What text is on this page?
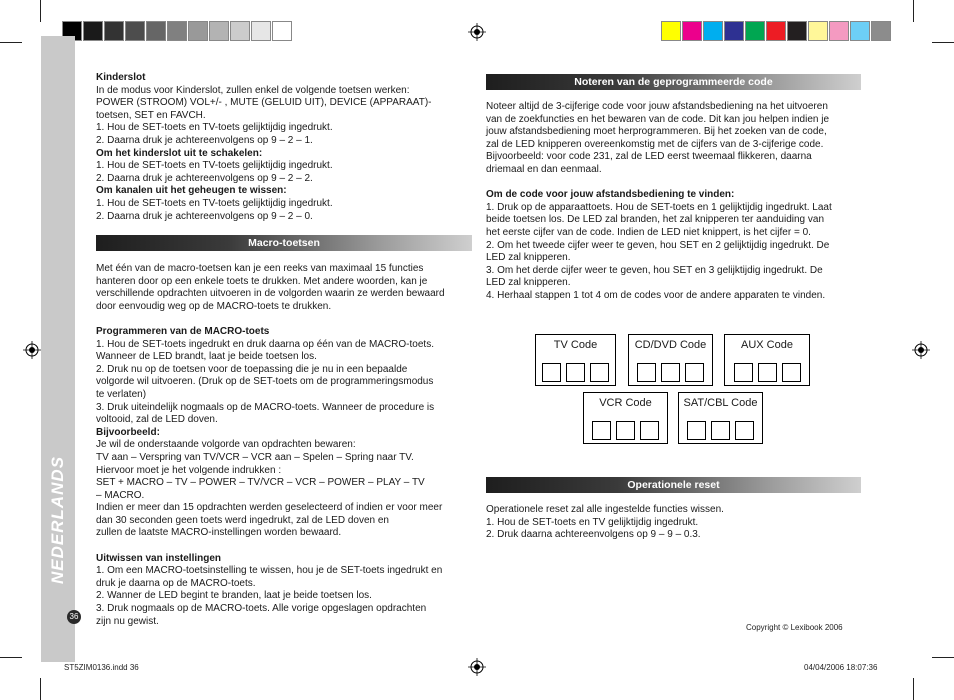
NEDERLANDS
36

Kinderslot

In de modus voor Kinderslot, zullen enkel de volgende toetsen werken:

POWER (STROOM) VOL+/- , MUTE (GELUID UIT), DEVICE (APPARAAT)-

toetsen, SET en FAVCH.

1. Hou de SET-toets en TV-toets gelijktijdig ingedrukt.

2. Daarna druk je achtereenvolgens op 9 – 2 – 1.

Om het kinderslot uit te schakelen:

1. Hou de SET-toets en TV-toets gelijktijdig ingedrukt.

2. Daarna druk je achtereenvolgens op 9 – 2 – 2.

Om kanalen uit het geheugen te wissen:

1. Hou de SET-toets en TV-toets gelijktijdig ingedrukt.

2. Daarna druk je achtereenvolgens op 9 – 2 – 0.

Macro-toetsen

Met één van de macro-toetsen kan je een reeks van maximaal 15 functies

hanteren door op een enkele toets te drukken. Met andere woorden, kan je

verschillende opdrachten uitvoeren in de volgorden waarin ze werden bewaard

door eenvoudig weg op de MACRO-toets te drukken.

Programmeren van de MACRO-toets

1. Hou de SET-toets ingedrukt en druk daarna op één van de MACRO-toets.

Wanneer de LED brandt, laat je beide toetsen los.

2. Druk nu op de toetsen voor de toepassing die je nu in een bepaalde

volgorde wil uitvoeren. (Druk op de SET-toets om de programmeringsmodus

te verlaten)

3. Druk uiteindelijk nogmaals op de MACRO-toets. Wanneer de procedure is

voltooid, zal de LED doven.

Bijvoorbeeld:

Je wil de onderstaande volgorde van opdrachten bewaren:

TV aan – Verspring van TV/VCR – VCR aan – Spelen – Spring naar TV.

Hiervoor moet je het volgende indrukken :

SET + MACRO – TV – POWER – TV/VCR – VCR – POWER – PLAY – TV

– MACRO.

Indien er meer dan 15 opdrachten werden geselecteerd of indien er voor meer

dan 30 seconden geen toets werd ingedrukt, zal de LED doven en

zullen de laatste MACRO-instellingen worden bewaard.

Uitwissen van instellingen

1. Om een MACRO-toetsinstelling te wissen, hou je de SET-toets ingedrukt en

druk je daarna op de MACRO-toets.

2. Wanner de LED begint te branden, laat je beide toetsen los.

3. Druk nogmaals op de MACRO-toets. Alle vorige opgeslagen opdrachten

zijn nu gewist.

Noteren van de geprogrammeerde code

Noteer altijd de 3-cijferige code voor jouw afstandsbediening na het uitvoeren

van de zoekfuncties en het bewaren van de code. Dit kan jou helpen indien je

jouw afstandsbediening moet herprogrammeren. Bij het zoeken van de code,

zal de LED knipperen overeenkomstig met de cijfers van de 3-cijferige code.

Bijvoorbeeld: voor code 231, zal de LED eerst tweemaal flikkeren, daarna

driemaal en dan eenmaal.

Om de code voor jouw afstandsbediening te vinden:

1. Druk op de apparaattoets. Hou de SET-toets en 1 gelijktijdig ingedrukt. Laat

beide toetsen los. De LED zal branden, het zal knipperen ter aanduiding van

het eerste cijfer van de code. Indien de LED niet knippert, is het cijfer = 0.

2. Om het tweede cijfer weer te geven, hou SET en 2 gelijktijdig ingedrukt. De

LED zal knipperen.

3. Om het derde cijfer weer te geven, hou SET en 3 gelijktijdig ingedrukt. De

LED zal knipperen.

4. Herhaal stappen 1 tot 4 om de codes voor de andere apparaten te vinden.

TV Code	CD/DVD Code	AUX Code
VCR Code	SAT/CBL Code
Operationele reset

Operationele reset zal alle ingestelde functies wissen.

1. Hou de SET-toets en TV gelijktijdig ingedrukt.

2. Druk daarna achtereenvolgens op 9 – 9 – 0.3.

Copyright © Lexibook 2006
ST5ZIM0136.indd 36	04/04/2006 18:07:36
